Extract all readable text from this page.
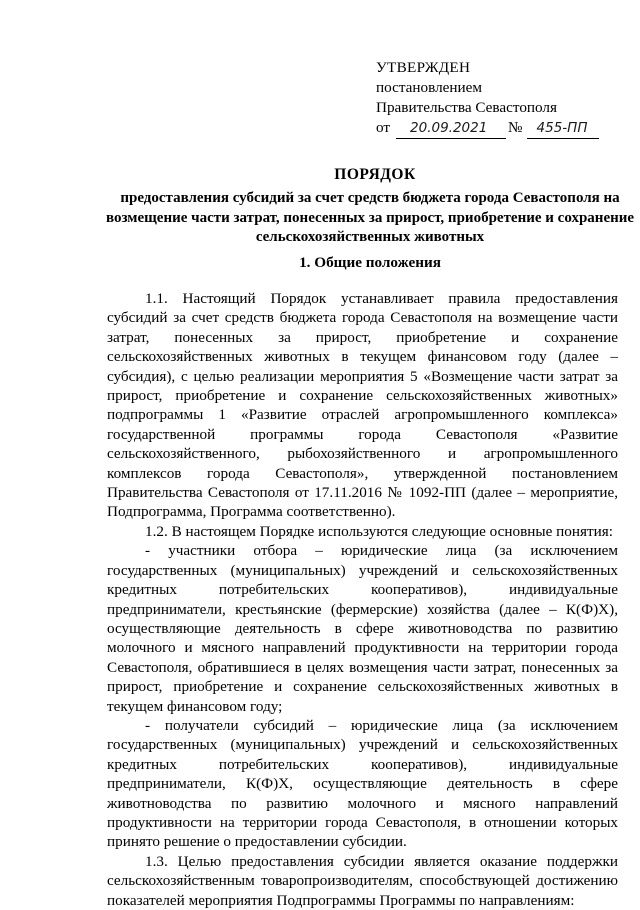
УТВЕРЖДЕН
постановлением
Правительства Севастополя
от	20.09.2021	№	455-ПП
ПОРЯДОК
предоставления субсидий за счет средств бюджета города Севастополя на возмещение части затрат, понесенных за прирост, приобретение и сохранение сельскохозяйственных животных
1. Общие положения

1.1. Настоящий Порядок устанавливает правила предоставления субсидий за счет средств бюджета города Севастополя на возмещение части затрат, понесенных за прирост, приобретение и сохранение сельскохозяйственных животных в текущем финансовом году (далее – субсидия), с целью реализации мероприятия 5 «Возмещение части затрат за прирост, приобретение и сохранение сельскохозяйственных животных» подпрограммы 1 «Развитие отраслей агропромышленного комплекса» государственной программы города Севастополя «Развитие сельскохозяйственного, рыбохозяйственного и агропромышленного комплексов города Севастополя», утвержденной постановлением Правительства Севастополя от 17.11.2016 № 1092-ПП (далее – мероприятие, Подпрограмма, Программа соответственно).

1.2. В настоящем Порядке используются следующие основные понятия:

- участники отбора – юридические лица (за исключением государственных (муниципальных) учреждений и сельскохозяйственных кредитных потребительских кооперативов), индивидуальные предприниматели, крестьянские (фермерские) хозяйства (далее – К(Ф)Х), осуществляющие деятельность в сфере животноводства по развитию молочного и мясного направлений продуктивности на территории города Севастополя, обратившиеся в целях возмещения части затрат, понесенных за прирост, приобретение и сохранение сельскохозяйственных животных в текущем финансовом году;

- получатели субсидий – юридические лица (за исключением государственных (муниципальных) учреждений и сельскохозяйственных кредитных потребительских кооперативов), индивидуальные предприниматели, К(Ф)Х, осуществляющие деятельность в сфере животноводства по развитию молочного и мясного направлений продуктивности на территории города Севастополя, в отношении которых принято решение о предоставлении субсидии.

1.3. Целью предоставления субсидии является оказание поддержки сельскохозяйственным товаропроизводителям, способствующей достижению показателей мероприятия Подпрограммы Программы по направлениям:
